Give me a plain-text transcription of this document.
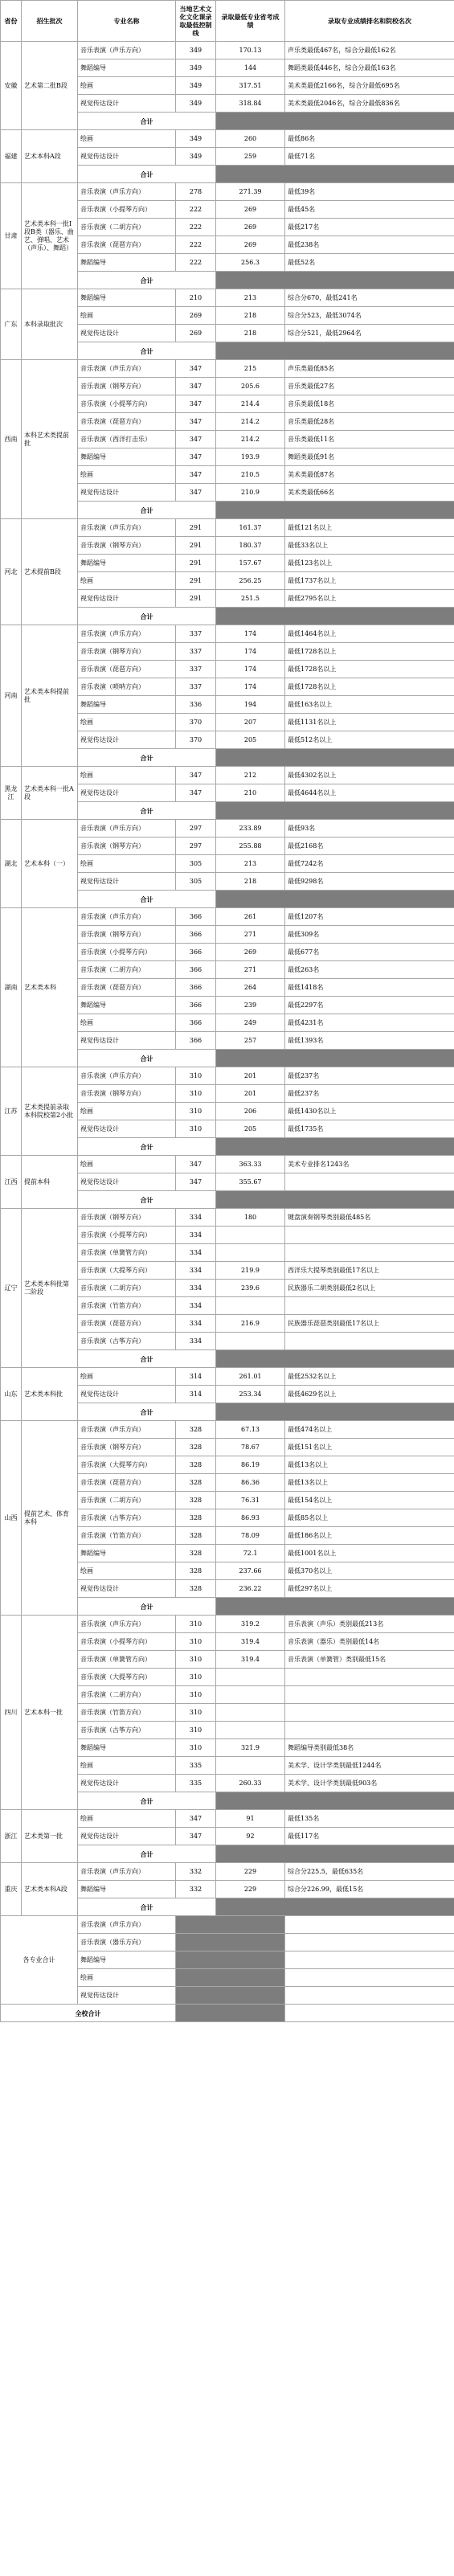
省份	招生批次	专业名称	当地艺术文化文化课录取最低控制线	录取最低专业省考成绩	录取专业成绩排名和院校名次	
安徽	艺术第二批B段	音乐表演（声乐方向）	349	170.13	声乐类最低467名，综合分最低162名	
		舞蹈编导	349	144	舞蹈类最低446名，综合分最低163名	
		绘画	349	317.51	美术类最低2166名，综合分最低695名	
		视觉传达设计	349	318.84	美术类最低2046名，综合分最低836名	
		合计				
福建	艺术本科A段	绘画	349	260	最低86名	
		视觉传达设计	349	259	最低71名	
		合计				
甘肃	艺术类本科一批I段B类（器乐、曲艺、弹唱、艺术（声乐）、舞蹈）	音乐表演（声乐方向）	278	271.39	最低39名	
		音乐表演（小提琴方向）	222	269	最低45名	
		音乐表演（二胡方向）	222	269	最低217名	
		音乐表演（琵琶方向）	222	269	最低238名	
		舞蹈编导	222	256.3	最低52名	
		合计				
广东	本科录取批次	舞蹈编导	210	213	综合分670，最低241名	
		绘画	269	218	综合分523，最低3074名	
		视觉传达设计	269	218	综合分521，最低2964名	
		合计				
西南	本科艺术类提前批	音乐表演（声乐方向）	347	215	声乐类最低85名	
		音乐表演（钢琴方向）	347	205.6	音乐类最低27名	
		音乐表演（小提琴方向）	347	214.4	音乐类最低18名	
		音乐表演（琵琶方向）	347	214.2	音乐类最低28名	
		音乐表演（西洋打击乐）	347	214.2	音乐类最低11名	
		舞蹈编导	347	193.9	舞蹈类最低91名	
		绘画	347	210.5	美术类最低87名	
		视觉传达设计	347	210.9	美术类最低66名	
		合计				
河北	艺术提前B段	音乐表演（声乐方向）	291	161.37	最低121名以上	
		音乐表演（钢琴方向）	291	180.37	最低33名以上	
		舞蹈编导	291	157.67	最低123名以上	
		绘画	291	256.25	最低1737名以上	
		视觉传达设计	291	251.5	最低2795名以上	
		合计				
河南	艺术类本科提前批	音乐表演（声乐方向）	337	174	最低1464名以上	
		音乐表演（钢琴方向）	337	174	最低1728名以上	
		音乐表演（琵琶方向）	337	174	最低1728名以上	
		音乐表演（唢呐方向）	337	174	最低1728名以上	
		舞蹈编导	336	194	最低163名以上	
		绘画	370	207	最低1131名以上	
		视觉传达设计	370	205	最低512名以上	
		合计				
黑龙江	艺术类本科一批A段	绘画	347	212	最低4302名以上	
		视觉传达设计	347	210	最低4644名以上	
		合计				
湖北	艺术本科（一）	音乐表演（声乐方向）	297	233.89	最低93名	
		音乐表演（钢琴方向）	297	255.88	最低2168名	
		绘画	305	213	最低7242名	
		视觉传达设计	305	218	最低9298名	
		合计				
湖南	艺术类本科	音乐表演（声乐方向）	366	261	最低1207名	
		音乐表演（钢琴方向）	366	271	最低309名	
		音乐表演（小提琴方向）	366	269	最低677名	
		音乐表演（二胡方向）	366	271	最低263名	
		音乐表演（琵琶方向）	366	264	最低1418名	
		舞蹈编导	366	239	最低2297名	
		绘画	366	249	最低4231名	
		视觉传达设计	366	257	最低1393名	
		合计				
江苏	艺术类提前录取本科院校第2小批	音乐表演（声乐方向）	310	201	最低237名	
		音乐表演（钢琴方向）	310	201	最低237名	
		绘画	310	206	最低1430名以上	
		视觉传达设计	310	205	最低1735名	
		合计				
江西	提前本科	绘画	347	363.33	美术专业排名1243名	
		视觉传达设计	347	355.67		
		合计				
辽宁	艺术类本科批第二阶段	音乐表演（钢琴方向）	334	180	键盘演奏钢琴类别最低485名	
		音乐表演（小提琴方向）	334			
		音乐表演（单簧管方向）	334			
		音乐表演（大提琴方向）	334	219.9	西洋乐大提琴类别最低17名以上	
		音乐表演（二胡方向）	334	239.6	民族器乐二胡类别最低2名以上	
		音乐表演（竹笛方向）	334			
		音乐表演（琵琶方向）	334	216.9	民族器乐琵琶类别最低17名以上	
		音乐表演（古筝方向）	334			
		合计				
山东	艺术类本科批	绘画	314	261.01	最低2532名以上	
		视觉传达设计	314	253.34	最低4629名以上	
		合计				
山西	提前艺术、体育本科	音乐表演（声乐方向）	328	67.13	最低474名以上	
		音乐表演（钢琴方向）	328	78.67	最低151名以上	
		音乐表演（大提琴方向）	328	86.19	最低13名以上	
		音乐表演（琵琶方向）	328	86.36	最低13名以上	
		音乐表演（二胡方向）	328	76.31	最低154名以上	
		音乐表演（古筝方向）	328	86.93	最低85名以上	
		音乐表演（竹笛方向）	328	78.09	最低186名以上	
		舞蹈编导	328	72.1	最低1001名以上	
		绘画	328	237.66	最低370名以上	
		视觉传达设计	328	236.22	最低297名以上	
		合计				
四川	艺术本科一批	音乐表演（声乐方向）	310	319.2	音乐表演（声乐）类别最低213名	
		音乐表演（小提琴方向）	310	319.4	音乐表演（器乐）类别最低14名	
		音乐表演（单簧管方向）	310	319.4	音乐表演（单簧管）类别最低15名	
		音乐表演（大提琴方向）	310			
		音乐表演（二胡方向）	310			
		音乐表演（竹笛方向）	310			
		音乐表演（古筝方向）	310			
		舞蹈编导	310	321.9	舞蹈编导类别最低38名	
		绘画	335		美术学、设计学类别最低1244名	
		视觉传达设计	335	260.33	美术学、设计学类别最低903名	
		合计				
浙江	艺术类第一批	绘画	347	91	最低135名	
		视觉传达设计	347	92	最低117名	
		合计				
重庆	艺术类本科A段	音乐表演（声乐方向）	332	229	综合分225.5，最低635名	
		舞蹈编导	332	229	综合分226.99，最低15名	
		合计				
各专业合计		音乐表演（声乐方向）				
		音乐表演（器乐方向）				
		舞蹈编导				
		绘画				
		视觉传达设计				
全校合计						
